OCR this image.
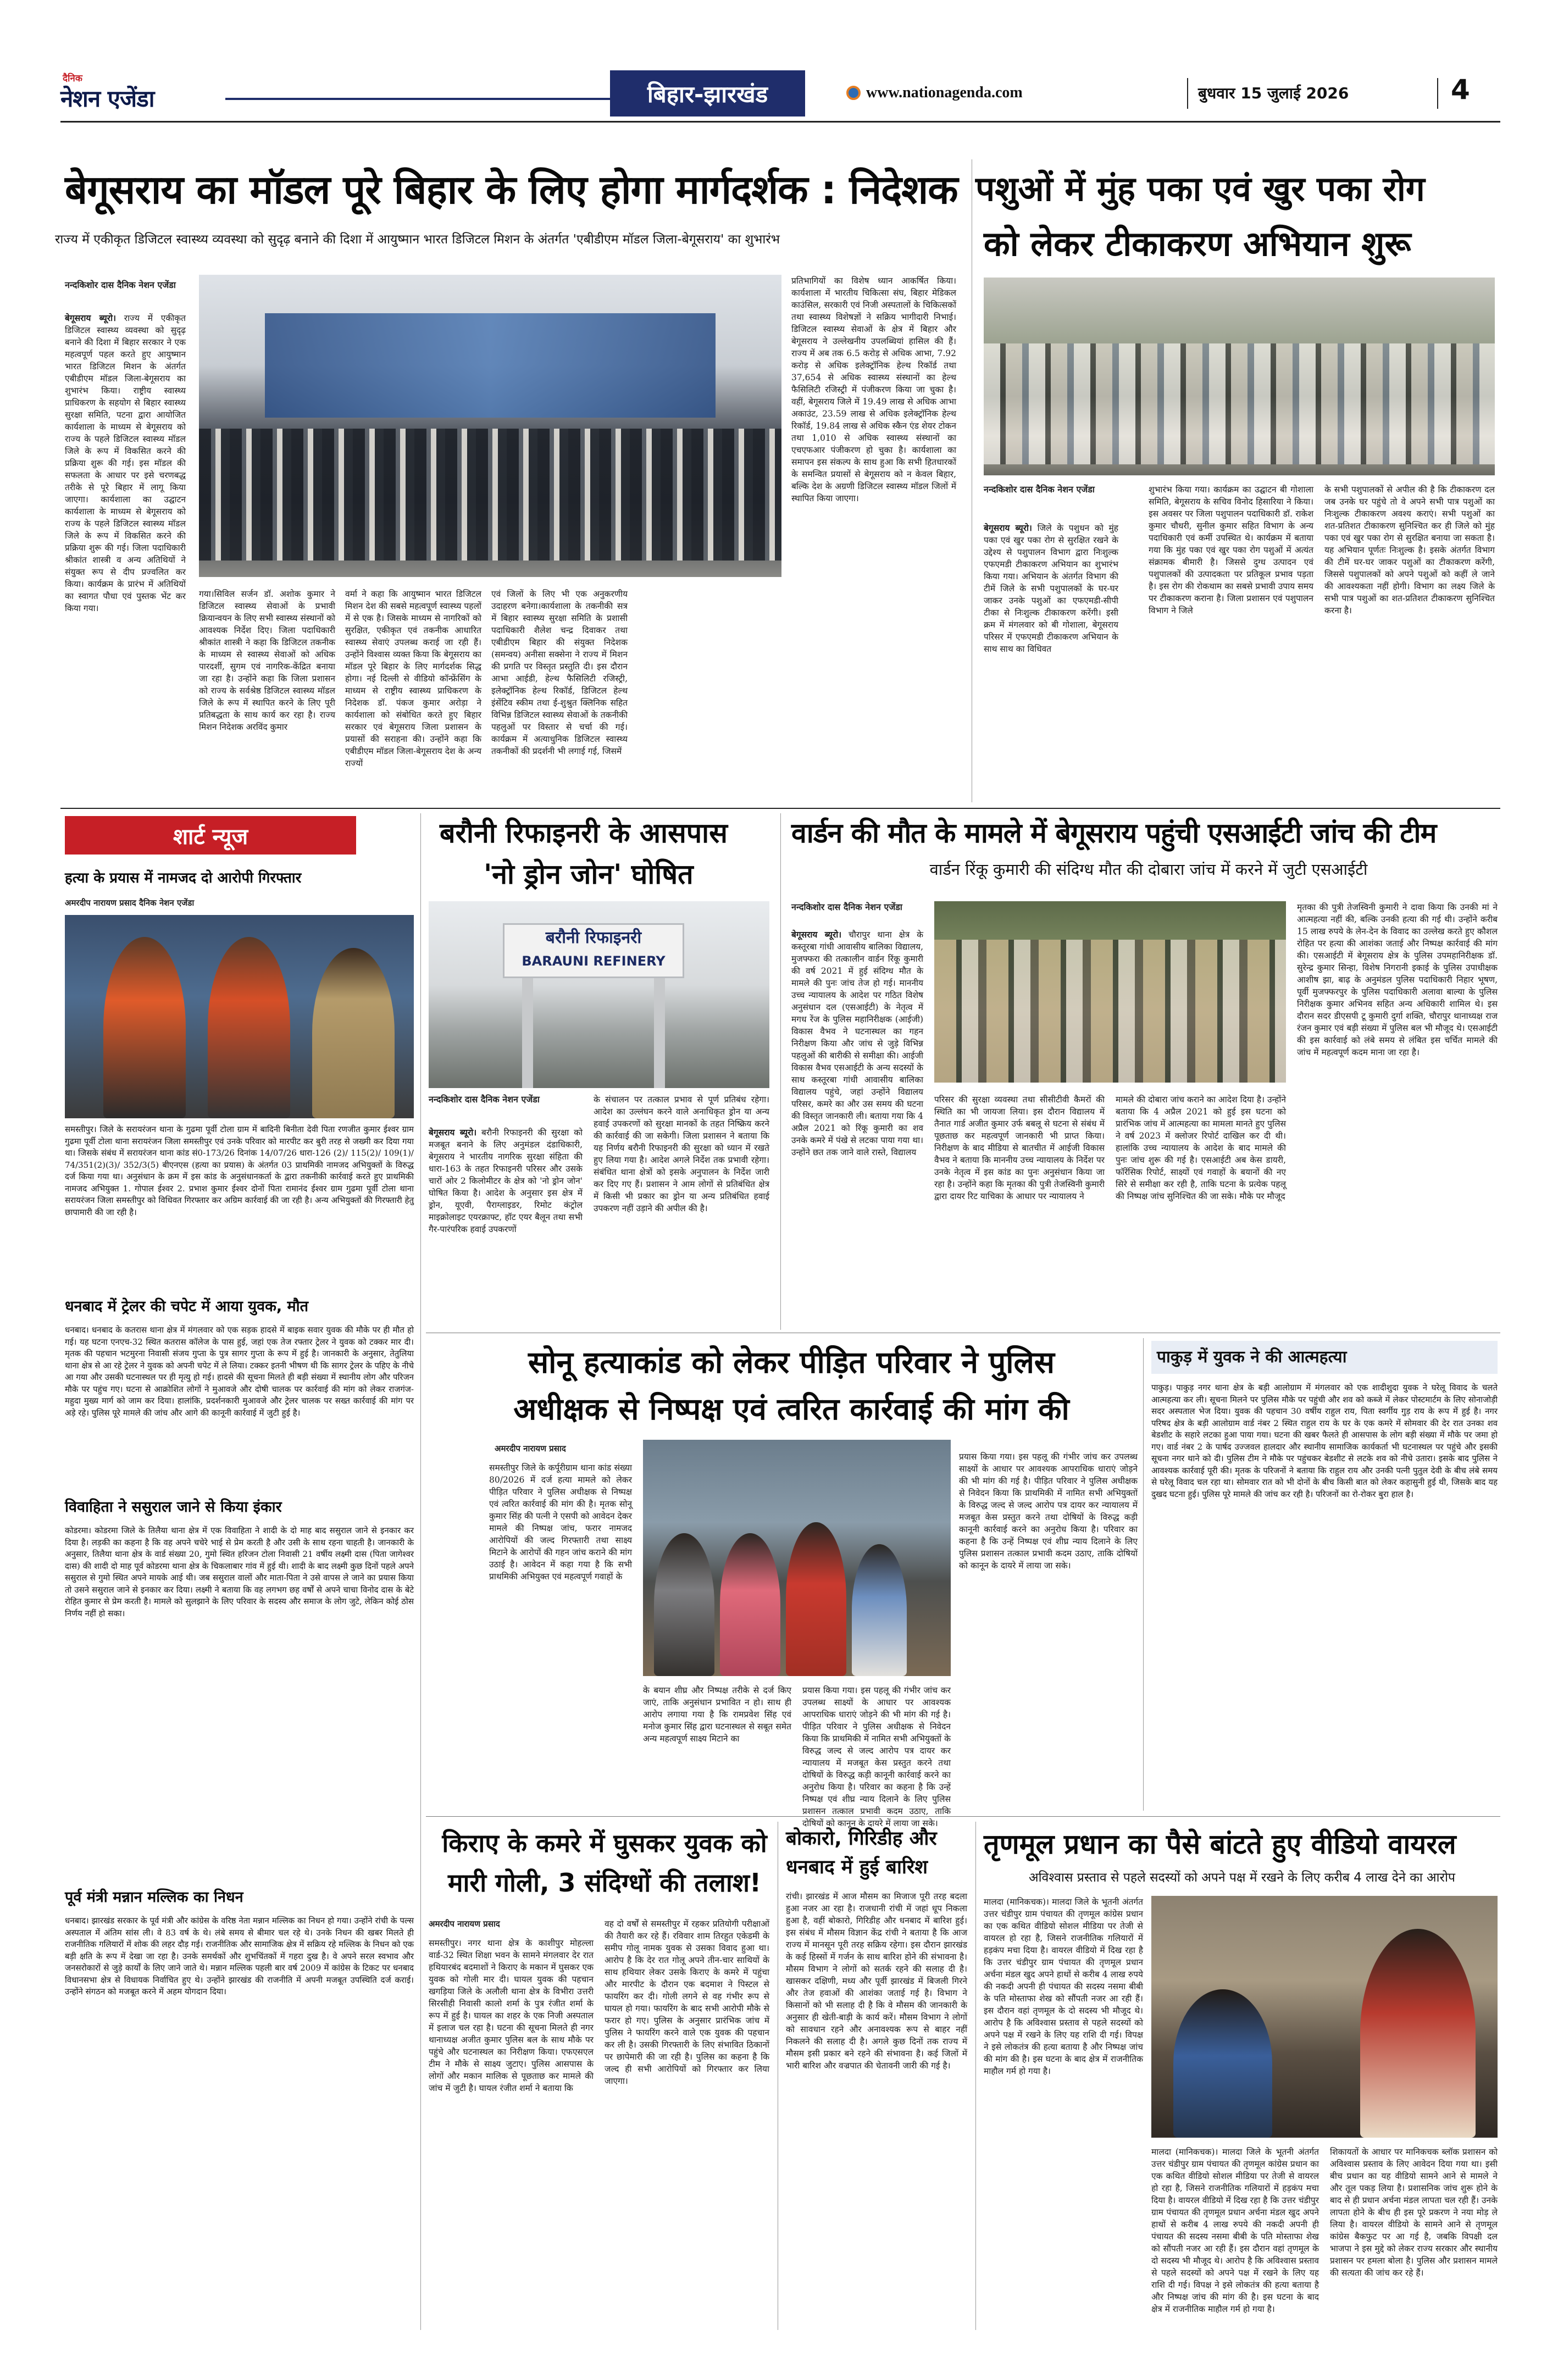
दैनिक
नेशन एजेंडा	बिहार-झारखंड	www.nationagenda.com	बुधवार 15 जुलाई 2026	4
बेगूसराय का मॉडल पूरे बिहार के लिए होगा मार्गदर्शक : निदेशक

राज्य में एकीकृत डिजिटल स्वास्थ्य व्यवस्था को सुदृढ़ बनाने की दिशा में आयुष्मान भारत डिजिटल मिशन के अंतर्गत 'एबीडीएम मॉडल जिला-बेगूसराय' का शुभारंभ

नन्दकिशोर दास दैनिक नेशन एजेंडा
बेगूसराय ब्यूरो। राज्य में एकीकृत डिजिटल स्वास्थ्य व्यवस्था को सुदृढ़ बनाने की दिशा में बिहार सरकार ने एक महत्वपूर्ण पहल करते हुए आयुष्मान भारत डिजिटल मिशन के अंतर्गत एबीडीएम मॉडल जिला-बेगूसराय का शुभारंभ किया। राष्ट्रीय स्वास्थ्य प्राधिकरण के सहयोग से बिहार स्वास्थ्य सुरक्षा समिति, पटना द्वारा आयोजित कार्यशाला के माध्यम से बेगूसराय को राज्य के पहले डिजिटल स्वास्थ्य मॉडल जिले के रूप में विकसित करने की प्रक्रिया शुरू की गई। इस मॉडल की सफलता के आधार पर इसे चरणबद्ध तरीके से पूरे बिहार में लागू किया जाएगा। कार्यशाला का उद्घाटन कार्यशाला के माध्यम से बेगूसराय को राज्य के पहले डिजिटल स्वास्थ्य मॉडल जिले के रूप में विकसित करने की प्रक्रिया शुरू की गई। जिला पदाधिकारी श्रीकांत शास्त्री व अन्य अतिथियों ने संयुक्त रूप से दीप प्रज्वलित कर किया। कार्यक्रम के प्रारंभ में अतिथियों का स्वागत पौधा एवं पुस्तक भेंट कर किया गया।
गया।सिविल सर्जन डॉ. अशोक कुमार ने डिजिटल स्वास्थ्य सेवाओं के प्रभावी क्रियान्वयन के लिए सभी स्वास्थ्य संस्थानों को आवश्यक निर्देश दिए। जिला पदाधिकारी श्रीकांत शास्त्री ने कहा कि डिजिटल तकनीक के माध्यम से स्वास्थ्य सेवाओं को अधिक पारदर्शी, सुगम एवं नागरिक-केंद्रित बनाया जा रहा है। उन्होंने कहा कि जिला प्रशासन को राज्य के सर्वश्रेष्ठ डिजिटल स्वास्थ्य मॉडल जिले के रूप में स्थापित करने के लिए पूरी प्रतिबद्धता के साथ कार्य कर रहा है। राज्य मिशन निदेशक अरविंद कुमार
वर्मा ने कहा कि आयुष्मान भारत डिजिटल मिशन देश की सबसे महत्वपूर्ण स्वास्थ्य पहलों में से एक है। जिसके माध्यम से नागरिकों को सुरक्षित, एकीकृत एवं तकनीक आधारित स्वास्थ्य सेवाएं उपलब्ध कराई जा रही हैं। उन्होंने विश्वास व्यक्त किया कि बेगूसराय का मॉडल पूरे बिहार के लिए मार्गदर्शक सिद्ध होगा। नई दिल्ली से वीडियो कॉन्फ्रेंसिंग के माध्यम से राष्ट्रीय स्वास्थ्य प्राधिकरण के निदेशक डॉ. पंकज कुमार अरोड़ा ने कार्यशाला को संबोधित करते हुए बिहार सरकार एवं बेगूसराय जिला प्रशासन के प्रयासों की सराहना की। उन्होंने कहा कि एबीडीएम मॉडल जिला-बेगूसराय देश के अन्य राज्यों
एवं जिलों के लिए भी एक अनुकरणीय उदाहरण बनेगा।कार्यशाला के तकनीकी सत्र में बिहार स्वास्थ्य सुरक्षा समिति के प्रशासी पदाधिकारी शैलेश चन्द्र दिवाकर तथा एबीडीएम बिहार की संयुक्त निदेशक (समन्वय) अनीसा सक्सेना ने राज्य में मिशन की प्रगति पर विस्तृत प्रस्तुति दी। इस दौरान आभा आईडी, हेल्थ फैसिलिटी रजिस्ट्री, इलेक्ट्रॉनिक हेल्थ रिकॉर्ड, डिजिटल हेल्थ इंसेंटिव स्कीम तथा ई-शुश्रुत क्लिनिक सहित विभिन्न डिजिटल स्वास्थ्य सेवाओं के तकनीकी पहलुओं पर विस्तार से चर्चा की गई। कार्यक्रम में अत्याधुनिक डिजिटल स्वास्थ्य तकनीकों की प्रदर्शनी भी लगाई गई, जिसमें
प्रतिभागियों का विशेष ध्यान आकर्षित किया। कार्यशाला में भारतीय चिकित्सा संघ, बिहार मेडिकल काउंसिल, सरकारी एवं निजी अस्पतालों के चिकित्सकों तथा स्वास्थ्य विशेषज्ञों ने सक्रिय भागीदारी निभाई। डिजिटल स्वास्थ्य सेवाओं के क्षेत्र में बिहार और बेगूसराय ने उल्लेखनीय उपलब्धियां हासिल की हैं। राज्य में अब तक 6.5 करोड़ से अधिक आभा, 7.92 करोड़ से अधिक इलेक्ट्रॉनिक हेल्थ रिकॉर्ड तथा 37,654 से अधिक स्वास्थ्य संस्थानों का हेल्थ फैसिलिटी रजिस्ट्री में पंजीकरण किया जा चुका है। वहीं, बेगूसराय जिले में 19.49 लाख से अधिक आभा अकाउंट, 23.59 लाख से अधिक इलेक्ट्रॉनिक हेल्थ रिकॉर्ड, 19.84 लाख से अधिक स्कैन एंड शेयर टोकन तथा 1,010 से अधिक स्वास्थ्य संस्थानों का एचएफआर पंजीकरण हो चुका है। कार्यशाला का समापन इस संकल्प के साथ हुआ कि सभी हितधारकों के समन्वित प्रयासों से बेगूसराय को न केवल बिहार, बल्कि देश के अग्रणी डिजिटल स्वास्थ्य मॉडल जिलों में स्थापित किया जाएगा।
पशुओं में मुंह पका एवं खुर पका रोग
को लेकर टीकाकरण अभियान शुरू
नन्दकिशोर दास दैनिक नेशन एजेंडा
बेगूसराय ब्यूरो। जिले के पशुधन को मुंह पका एवं खुर पका रोग से सुरक्षित रखने के उद्देश्य से पशुपालन विभाग द्वारा निःशुल्क एफएमडी टीकाकरण अभियान का शुभारंभ किया गया। अभियान के अंतर्गत विभाग की टीमें जिले के सभी पशुपालकों के घर-घर जाकर उनके पशुओं का एफएमडी-सीपी टीका से निःशुल्क टीकाकरण करेंगी। इसी क्रम में मंगलवार को बी गोशाला, बेगूसराय परिसर में एफएमडी टीकाकरण अभियान के साथ साथ का विधिवत
शुभारंभ किया गया। कार्यक्रम का उद्घाटन बी गोशाला समिति, बेगूसराय के सचिव विनोद हिसारिया ने किया। इस अवसर पर जिला पशुपालन पदाधिकारी डॉ. राकेश कुमार चौधरी, सुनील कुमार सहित विभाग के अन्य पदाधिकारी एवं कर्मी उपस्थित थे। कार्यक्रम में बताया गया कि मुंह पका एवं खुर पका रोग पशुओं में अत्यंत संक्रामक बीमारी है। जिससे दुग्ध उत्पादन एवं पशुपालकों की उत्पादकता पर प्रतिकूल प्रभाव पड़ता है। इस रोग की रोकथाम का सबसे प्रभावी उपाय समय पर टीकाकरण कराना है। जिला प्रशासन एवं पशुपालन विभाग ने जिले
के सभी पशुपालकों से अपील की है कि टीकाकरण दल जब उनके घर पहुंचे तो वे अपने सभी पात्र पशुओं का निःशुल्क टीकाकरण अवश्य कराएं। सभी पशुओं का शत-प्रतिशत टीकाकरण सुनिश्चित कर ही जिले को मुंह पका एवं खुर पका रोग से सुरक्षित बनाया जा सकता है। यह अभियान पूर्णतः निःशुल्क है। इसके अंतर्गत विभाग की टीमें घर-घर जाकर पशुओं का टीकाकरण करेंगी, जिससे पशुपालकों को अपने पशुओं को कहीं ले जाने की आवश्यकता नहीं होगी। विभाग का लक्ष्य जिले के सभी पात्र पशुओं का शत-प्रतिशत टीकाकरण सुनिश्चित करना है।
शार्ट न्यूज
हत्या के प्रयास में नामजद दो आरोपी गिरफ्तार
अमरदीप नारायण प्रसाद दैनिक नेशन एजेंडा
समस्तीपुर। जिले के सरायरंजन थाना के गुढमा पूर्वी टोला ग्राम में बादिनी बिनीता देवी पिता रणजीत कुमार ईश्वर ग्राम गुढमा पूर्वी टोला थाना सरायरंजन जिला समस्तीपुर एवं उनके परिवार को मारपीट कर बुरी तरह से जख्मी कर दिया गया था। जिसके संबंध में सरायरंजन थाना कांड सं0-173/26 दिनांक 14/07/26 धारा-126 (2)/ 115(2)/ 109(1)/ 74/351(2)(3)/ 352/3(5) बीएनएस (हत्या का प्रयास) के अंतर्गत 03 प्राथमिकी नामजद अभियुक्तों के विरुद्ध दर्ज किया गया था। अनुसंधान के क्रम में इस कांड के अनुसंधानकर्ता के द्वारा तकनीकी कार्रवाई करते हुए प्राथमिकी नामजद अभियुक्त 1. गोपाल ईश्वर 2. प्रभाश कुमार ईश्वर दोनों पिता रामानंद ईश्वर ग्राम गुढमा पूर्वी टोला थाना सरायरंजन जिला समस्तीपुर को विधिवत गिरफ्तार कर अग्रिम कार्रवाई की जा रही है। अन्य अभियुक्तों की गिरफ्तारी हेतु छापामारी की जा रही है।
धनबाद में ट्रेलर की चपेट में आया युवक, मौत
धनबाद। धनबाद के कतरास थाना क्षेत्र में मंगलवार को एक सड़क हादसे में बाइक सवार युवक की मौके पर ही मौत हो गई। यह घटना एनएच-32 स्थित कतरास कॉलेज के पास हुई, जहां एक तेज रफ्तार ट्रेलर ने युवक को टक्कर मार दी। मृतक की पहचान भटमुरना निवासी संजय गुप्ता के पुत्र सागर गुप्ता के रूप में हुई है। जानकारी के अनुसार, तेतुलिया थाना क्षेत्र से आ रहे ट्रेलर ने युवक को अपनी चपेट में ले लिया। टक्कर इतनी भीषण थी कि सागर ट्रेलर के पहिए के नीचे आ गया और उसकी घटनास्थल पर ही मृत्यु हो गई। हादसे की सूचना मिलते ही बड़ी संख्या में स्थानीय लोग और परिजन मौके पर पहुंच गए। घटना से आक्रोशित लोगों ने मुआवजे और दोषी चालक पर कार्रवाई की मांग को लेकर राजगंज-महुदा मुख्य मार्ग को जाम कर दिया। हालांकि, प्रदर्शनकारी मुआवजे और ट्रेलर चालक पर सख्त कार्रवाई की मांग पर अड़े रहे। पुलिस पूरे मामले की जांच और आगे की कानूनी कार्रवाई में जुटी हुई है।
विवाहिता ने ससुराल जाने से किया इंकार
कोडरमा। कोडरमा जिले के तिलैया थाना क्षेत्र में एक विवाहिता ने शादी के दो माह बाद ससुराल जाने से इनकार कर दिया है। लड़की का कहना है कि वह अपने चचेरे भाई से प्रेम करती है और उसी के साथ रहना चाहती है। जानकारी के अनुसार, तिलैया थाना क्षेत्र के वार्ड संख्या 20, गुमो स्थित हरिजन टोला निवासी 21 वर्षीय लक्ष्मी दास (पिता जागेश्वर दास) की शादी दो माह पूर्व कोडरमा थाना क्षेत्र के चिकलाबार गांव में हुई थी। शादी के बाद लक्ष्मी कुछ दिनों पहले अपने ससुराल से गुमो स्थित अपने मायके आई थी। जब ससुराल वालों और माता-पिता ने उसे वापस ले जाने का प्रयास किया तो उसने ससुराल जाने से इनकार कर दिया। लक्ष्मी ने बताया कि वह लगभग छह वर्षों से अपने चाचा विनोद दास के बेटे रोहित कुमार से प्रेम करती है। मामले को सुलझाने के लिए परिवार के सदस्य और समाज के लोग जुटे, लेकिन कोई ठोस निर्णय नहीं हो सका।
पूर्व मंत्री मन्नान मल्लिक का निधन
धनबाद। झारखंड सरकार के पूर्व मंत्री और कांग्रेस के वरिष्ठ नेता मन्नान मल्लिक का निधन हो गया। उन्होंने रांची के पल्स अस्पताल में अंतिम सांस ली। वे 83 वर्ष के थे। लंबे समय से बीमार चल रहे थे। उनके निधन की खबर मिलते ही राजनीतिक गलियारों में शोक की लहर दौड़ गई। राजनीतिक और सामाजिक क्षेत्र में सक्रिय रहे मल्लिक के निधन को एक बड़ी क्षति के रूप में देखा जा रहा है। उनके समर्थकों और शुभचिंतकों में गहरा दुख है। वे अपने सरल स्वभाव और जनसरोकारों से जुड़े कार्यों के लिए जाने जाते थे। मन्नान मल्लिक पहली बार वर्ष 2009 में कांग्रेस के टिकट पर धनबाद विधानसभा क्षेत्र से विधायक निर्वाचित हुए थे। उन्होंने झारखंड की राजनीति में अपनी मजबूत उपस्थिति दर्ज कराई। उन्होंने संगठन को मजबूत करने में अहम योगदान दिया।
बरौनी रिफाइनरी के आसपास
'नो ड्रोन जोन' घोषित
बरौनी रिफाइनरी
BARAUNI REFINERY
नन्दकिशोर दास दैनिक नेशन एजेंडा
बेगूसराय ब्यूरो। बरौनी रिफाइनरी की सुरक्षा को मजबूत बनाने के लिए अनुमंडल दंडाधिकारी, बेगूसराय ने भारतीय नागरिक सुरक्षा संहिता की धारा-163 के तहत रिफाइनरी परिसर और उसके चारों ओर 2 किलोमीटर के क्षेत्र को 'नो ड्रोन जोन' घोषित किया है। आदेश के अनुसार इस क्षेत्र में ड्रोन, यूएवी, पैराग्लाइडर, रिमोट कंट्रोल माइक्रोलाइट एयरक्राफ्ट, हॉट एयर बैलून तथा सभी गैर-पारंपरिक हवाई उपकरणों
के संचालन पर तत्काल प्रभाव से पूर्ण प्रतिबंध रहेगा। आदेश का उल्लंघन करने वाले अनाधिकृत ड्रोन या अन्य हवाई उपकरणों को सुरक्षा मानकों के तहत निष्क्रिय करने की कार्रवाई की जा सकेगी। जिला प्रशासन ने बताया कि यह निर्णय बरौनी रिफाइनरी की सुरक्षा को ध्यान में रखते हुए लिया गया है। आदेश अगले निर्देश तक प्रभावी रहेगा। संबंधित थाना क्षेत्रों को इसके अनुपालन के निर्देश जारी कर दिए गए हैं। प्रशासन ने आम लोगों से प्रतिबंधित क्षेत्र में किसी भी प्रकार का ड्रोन या अन्य प्रतिबंधित हवाई उपकरण नहीं उड़ाने की अपील की है।
वार्डन की मौत के मामले में बेगूसराय पहुंची एसआईटी जांच की टीम

वार्डन रिंकू कुमारी की संदिग्ध मौत की दोबारा जांच में करने में जुटी एसआईटी

नन्दकिशोर दास दैनिक नेशन एजेंडा
बेगूसराय ब्यूरो। चौरापुर थाना क्षेत्र के कस्तूरबा गांधी आवासीय बालिका विद्यालय, मुजफ्फरा की तत्कालीन वार्डन रिंकू कुमारी की वर्ष 2021 में हुई संदिग्ध मौत के मामले की पुनः जांच तेज हो गई। माननीय उच्च न्यायालय के आदेश पर गठित विशेष अनुसंधान दल (एसआईटी) के नेतृत्व में मगध रेंज के पुलिस महानिरीक्षक (आईजी) विकास वैभव ने घटनास्थल का गहन निरीक्षण किया और जांच से जुड़े विभिन्न पहलुओं की बारीकी से समीक्षा की। आईजी विकास वैभव एसआईटी के अन्य सदस्यों के साथ कस्तूरबा गांधी आवासीय बालिका विद्यालय पहुंचे, जहां उन्होंने विद्यालय परिसर, कमरे का और उस समय की घटना की विस्तृत जानकारी ली। बताया गया कि 4 अप्रैल 2021 को रिंकू कुमारी का शव उनके कमरे में पंखे से लटका पाया गया था। उन्होंने छत तक जाने वाले रास्ते, विद्यालय
परिसर की सुरक्षा व्यवस्था तथा सीसीटीवी कैमरों की स्थिति का भी जायजा लिया। इस दौरान विद्यालय में तैनात गार्ड अजीत कुमार उर्फ बबलू से घटना से संबंध में पूछताछ कर महत्वपूर्ण जानकारी भी प्राप्त किया। निरीक्षण के बाद मीडिया से बातचीत में आईजी विकास वैभव ने बताया कि माननीय उच्च न्यायालय के निर्देश पर उनके नेतृत्व में इस कांड का पुनः अनुसंधान किया जा रहा है। उन्होंने कहा कि मृतका की पुत्री तेजस्विनी कुमारी द्वारा दायर रिट याचिका के आधार पर न्यायालय ने
मामले की दोबारा जांच कराने का आदेश दिया है। उन्होंने बताया कि 4 अप्रैल 2021 को हुई इस घटना को प्रारंभिक जांच में आत्महत्या का मामला मानते हुए पुलिस ने वर्ष 2023 में क्लोजर रिपोर्ट दाखिल कर दी थी। हालांकि उच्च न्यायालय के आदेश के बाद मामले की पुनः जांच शुरू की गई है। एसआईटी अब केस डायरी, फॉरेंसिक रिपोर्ट, साक्ष्यों एवं गवाहों के बयानों की नए सिरे से समीक्षा कर रही है, ताकि घटना के प्रत्येक पहलू की निष्पक्ष जांच सुनिश्चित की जा सके। मौके पर मौजूद
मृतका की पुत्री तेजस्विनी कुमारी ने दावा किया कि उनकी मां ने आत्महत्या नहीं की, बल्कि उनकी हत्या की गई थी। उन्होंने करीब 15 लाख रुपये के लेन-देन के विवाद का उल्लेख करते हुए कौशल रोहित पर हत्या की आशंका जताई और निष्पक्ष कार्रवाई की मांग की। एसआईटी में बेगूसराय क्षेत्र के पुलिस उपमहानिरीक्षक डॉ. सुरेन्द्र कुमार सिन्हा, विशेष निगरानी इकाई के पुलिस उपाधीक्षक आशीष झा, बाढ़ के अनुमंडल पुलिस पदाधिकारी निहार भूषण, पूर्वी मुजफ्फरपुर के पुलिस पदाधिकारी अलावा बाल्या के पुलिस निरीक्षक कुमार अभिनव सहित अन्य अधिकारी शामिल थे। इस दौरान सदर डीएसपी टू कुमारी दुर्गा शक्ति, चौरापुर थानाध्यक्ष राज रंजन कुमार एवं बड़ी संख्या में पुलिस बल भी मौजूद थे। एसआईटी की इस कार्रवाई को लंबे समय से लंबित इस चर्चित मामले की जांच में महत्वपूर्ण कदम माना जा रहा है।
सोनू हत्याकांड को लेकर पीड़ित परिवार ने पुलिस
अधीक्षक से निष्पक्ष एवं त्वरित कार्रवाई की मांग की
अमरदीप नारायण प्रसाद
समस्तीपुर जिले के कर्पूरीग्राम थाना कांड संख्या 80/2026 में दर्ज हत्या मामले को लेकर पीड़ित परिवार ने पुलिस अधीक्षक से निष्पक्ष एवं त्वरित कार्रवाई की मांग की है। मृतक सोनू कुमार सिंह की पत्नी ने एसपी को आवेदन देकर मामले की निष्पक्ष जांच, फरार नामजद आरोपियों की जल्द गिरफ्तारी तथा साक्ष्य मिटाने के आरोपों की गहन जांच कराने की मांग उठाई है। आवेदन में कहा गया है कि सभी प्राथमिकी अभियुक्त एवं महत्वपूर्ण गवाहों के
के बयान शीघ्र और निष्पक्ष तरीके से दर्ज किए जाएं, ताकि अनुसंधान प्रभावित न हो। साथ ही आरोप लगाया गया है कि रामप्रवेश सिंह एवं मनोज कुमार सिंह द्वारा घटनास्थल से सबूत समेत अन्य महत्वपूर्ण साक्ष्य मिटाने का
प्रयास किया गया। इस पहलू की गंभीर जांच कर उपलब्ध साक्ष्यों के आधार पर आवश्यक आपराधिक धाराएं जोड़ने की भी मांग की गई है। पीड़ित परिवार ने पुलिस अधीक्षक से निवेदन किया कि प्राथमिकी में नामित सभी अभियुक्तों के विरुद्ध जल्द से जल्द आरोप पत्र दायर कर न्यायालय में मजबूत केस प्रस्तुत करने तथा दोषियों के विरुद्ध कड़ी कानूनी कार्रवाई करने का अनुरोध किया है। परिवार का कहना है कि उन्हें निष्पक्ष एवं शीघ्र न्याय दिलाने के लिए पुलिस प्रशासन तत्काल प्रभावी कदम उठाए, ताकि दोषियों को कानून के दायरे में लाया जा सके।
प्रयास किया गया। इस पहलू की गंभीर जांच कर उपलब्ध साक्ष्यों के आधार पर आवश्यक आपराधिक धाराएं जोड़ने की भी मांग की गई है। पीड़ित परिवार ने पुलिस अधीक्षक से निवेदन किया कि प्राथमिकी में नामित सभी अभियुक्तों के विरुद्ध जल्द से जल्द आरोप पत्र दायर कर न्यायालय में मजबूत केस प्रस्तुत करने तथा दोषियों के विरुद्ध कड़ी कानूनी कार्रवाई करने का अनुरोध किया है। परिवार का कहना है कि उन्हें निष्पक्ष एवं शीघ्र न्याय दिलाने के लिए पुलिस प्रशासन तत्काल प्रभावी कदम उठाए, ताकि दोषियों को कानून के दायरे में लाया जा सके।
पाकुड़ में युवक ने की आत्महत्या
पाकुड़। पाकुड़ नगर थाना क्षेत्र के बड़ी आलोग्राम में मंगलवार को एक शादीशुदा युवक ने घरेलू विवाद के चलते आत्महत्या कर ली। सूचना मिलने पर पुलिस मौके पर पहुंची और शव को कब्जे में लेकर पोस्टमार्टम के लिए सोनाजोड़ी सदर अस्पताल भेज दिया। युवक की पहचान 30 वर्षीय राहुल राय, पिता स्वर्गीय गुड़ राय के रूप में हुई है। नगर परिषद क्षेत्र के बड़ी आलोग्राम वार्ड नंबर 2 स्थित राहुल राय के घर के एक कमरे में सोमवार की देर रात उनका शव बेडशीट के सहारे लटका हुआ पाया गया। घटना की खबर फैलते ही आसपास के लोग बड़ी संख्या में मौके पर जमा हो गए। वार्ड नंबर 2 के पार्षद उज्जवल हालदार और स्थानीय सामाजिक कार्यकर्ता भी घटनास्थल पर पहुंचे और इसकी सूचना नगर थाने को दी। पुलिस टीम ने मौके पर पहुंचकर बेडशीट से लटके शव को नीचे उतारा। इसके बाद पुलिस ने आवश्यक कार्रवाई पूरी की। मृतक के परिजनों ने बताया कि राहुल राय और उनकी पत्नी पुतुल देवी के बीच लंबे समय से घरेलू विवाद चल रहा था। सोमवार रात को भी दोनों के बीच किसी बात को लेकर कहासुनी हुई थी, जिसके बाद यह दुखद घटना हुई। पुलिस पूरे मामले की जांच कर रही है। परिजनों का रो-रोकर बुरा हाल है।
किराए के कमरे में घुसकर युवक को
मारी गोली, 3 संदिग्धों की तलाश!
अमरदीप नारायण प्रसाद
समस्तीपुर। नगर थाना क्षेत्र के काशीपुर मोहल्ला वार्ड-32 स्थित शिक्षा भवन के सामने मंगलवार देर रात हथियारबंद बदमाशों ने किराए के मकान में घुसकर एक युवक को गोली मार दी। घायल युवक की पहचान खगड़िया जिले के अलौली थाना क्षेत्र के विभीरा उत्तरी सिरसीही निवासी कालो शर्मा के पुत्र रंजीत शर्मा के रूप में हुई है। घायल का शहर के एक निजी अस्पताल में इलाज चल रहा है। घटना की सूचना मिलते ही नगर थानाध्यक्ष अजीत कुमार पुलिस बल के साथ मौके पर पहुंचे और घटनास्थल का निरीक्षण किया। एफएसएल टीम ने मौके से साक्ष्य जुटाए। पुलिस आसपास के लोगों और मकान मालिक से पूछताछ कर मामले की जांच में जुटी है। घायल रंजीत शर्मा ने बताया कि
वह दो वर्षों से समस्तीपुर में रहकर प्रतियोगी परीक्षाओं की तैयारी कर रहे हैं। रविवार शाम तिरहुत एकेडमी के समीप गोलू नामक युवक से उसका विवाद हुआ था। आरोप है कि देर रात गोलू अपने तीन-चार साथियों के साथ हथियार लेकर उसके किराए के कमरे में पहुंचा और मारपीट के दौरान एक बदमाश ने पिस्टल से फायरिंग कर दी। गोली लगने से वह गंभीर रूप से घायल हो गया। फायरिंग के बाद सभी आरोपी मौके से फरार हो गए। पुलिस के अनुसार प्रारंभिक जांच में पुलिस ने फायरिंग करने वाले एक युवक की पहचान कर ली है। उसकी गिरफ्तारी के लिए संभावित ठिकानों पर छापेमारी की जा रही है। पुलिस का कहना है कि जल्द ही सभी आरोपियों को गिरफ्तार कर लिया जाएगा।
बोकारो, गिरिडीह और
धनबाद में हुई बारिश
रांची। झारखंड में आज मौसम का मिजाज पूरी तरह बदला हुआ नजर आ रहा है। राजधानी रांची में जहां धूप निकला हुआ है, वहीं बोकारो, गिरिडीह और धनबाद में बारिश हुई। इस संबंध में मौसम विज्ञान केंद्र रांची ने बताया है कि आज राज्य में मानसून पूरी तरह सक्रिय रहेगा। इस दौरान झारखंड के कई हिस्सों में गर्जन के साथ बारिश होने की संभावना है। मौसम विभाग ने लोगों को सतर्क रहने की सलाह दी है। खासकर दक्षिणी, मध्य और पूर्वी झारखंड में बिजली गिरने और तेज हवाओं की आशंका जताई गई है। विभाग ने किसानों को भी सलाह दी है कि वे मौसम की जानकारी के अनुसार ही खेती-बाड़ी के कार्य करें। मौसम विभाग ने लोगों को सावधान रहने और अनावश्यक रूप से बाहर नहीं निकलने की सलाह दी है। अगले कुछ दिनों तक राज्य में मौसम इसी प्रकार बने रहने की संभावना है। कई जिलों में भारी बारिश और वज्रपात की चेतावनी जारी की गई है।
तृणमूल प्रधान का पैसे बांटते हुए वीडियो वायरल

अविश्वास प्रस्ताव से पहले सदस्यों को अपने पक्ष में रखने के लिए करीब 4 लाख देने का आरोप

मालदा (मानिकचक)। मालदा जिले के भूतनी अंतर्गत उत्तर चंडीपुर ग्राम पंचायत की तृणमूल कांग्रेस प्रधान का एक कथित वीडियो सोशल मीडिया पर तेजी से वायरल हो रहा है, जिसने राजनीतिक गलियारों में हड़कंप मचा दिया है। वायरल वीडियो में दिख रहा है कि उत्तर चंडीपुर ग्राम पंचायत की तृणमूल प्रधान अर्चना मंडल खुद अपने हाथों से करीब 4 लाख रुपये की नकदी अपनी ही पंचायत की सदस्य नसमा बीबी के पति मोस्ताफा शेख को सौंपती नजर आ रही हैं। इस दौरान वहां तृणमूल के दो सदस्य भी मौजूद थे। आरोप है कि अविश्वास प्रस्ताव से पहले सदस्यों को अपने पक्ष में रखने के लिए यह राशि दी गई। विपक्ष ने इसे लोकतंत्र की हत्या बताया है और निष्पक्ष जांच की मांग की है। इस घटना के बाद क्षेत्र में राजनीतिक माहौल गर्म हो गया है।
मालदा (मानिकचक)। मालदा जिले के भूतनी अंतर्गत उत्तर चंडीपुर ग्राम पंचायत की तृणमूल कांग्रेस प्रधान का एक कथित वीडियो सोशल मीडिया पर तेजी से वायरल हो रहा है, जिसने राजनीतिक गलियारों में हड़कंप मचा दिया है। वायरल वीडियो में दिख रहा है कि उत्तर चंडीपुर ग्राम पंचायत की तृणमूल प्रधान अर्चना मंडल खुद अपने हाथों से करीब 4 लाख रुपये की नकदी अपनी ही पंचायत की सदस्य नसमा बीबी के पति मोस्ताफा शेख को सौंपती नजर आ रही हैं। इस दौरान वहां तृणमूल के दो सदस्य भी मौजूद थे। आरोप है कि अविश्वास प्रस्ताव से पहले सदस्यों को अपने पक्ष में रखने के लिए यह राशि दी गई। विपक्ष ने इसे लोकतंत्र की हत्या बताया है और निष्पक्ष जांच की मांग की है। इस घटना के बाद क्षेत्र में राजनीतिक माहौल गर्म हो गया है।
शिकायतों के आधार पर मानिकचक ब्लॉक प्रशासन को अविश्वास प्रस्ताव के लिए आवेदन दिया गया था। इसी बीच प्रधान का यह वीडियो सामने आने से मामले ने और तूल पकड़ लिया है। प्रशासनिक जांच शुरू होने के बाद से ही प्रधान अर्चना मंडल लापता चल रही हैं। उनके लापता होने के बीच ही इस पूरे प्रकरण ने नया मोड़ ले लिया है। वायरल वीडियो के सामने आने से तृणमूल कांग्रेस बैकफुट पर आ गई है, जबकि विपक्षी दल भाजपा ने इस मुद्दे को लेकर राज्य सरकार और स्थानीय प्रशासन पर हमला बोला है। पुलिस और प्रशासन मामले की सत्यता की जांच कर रहे हैं।
